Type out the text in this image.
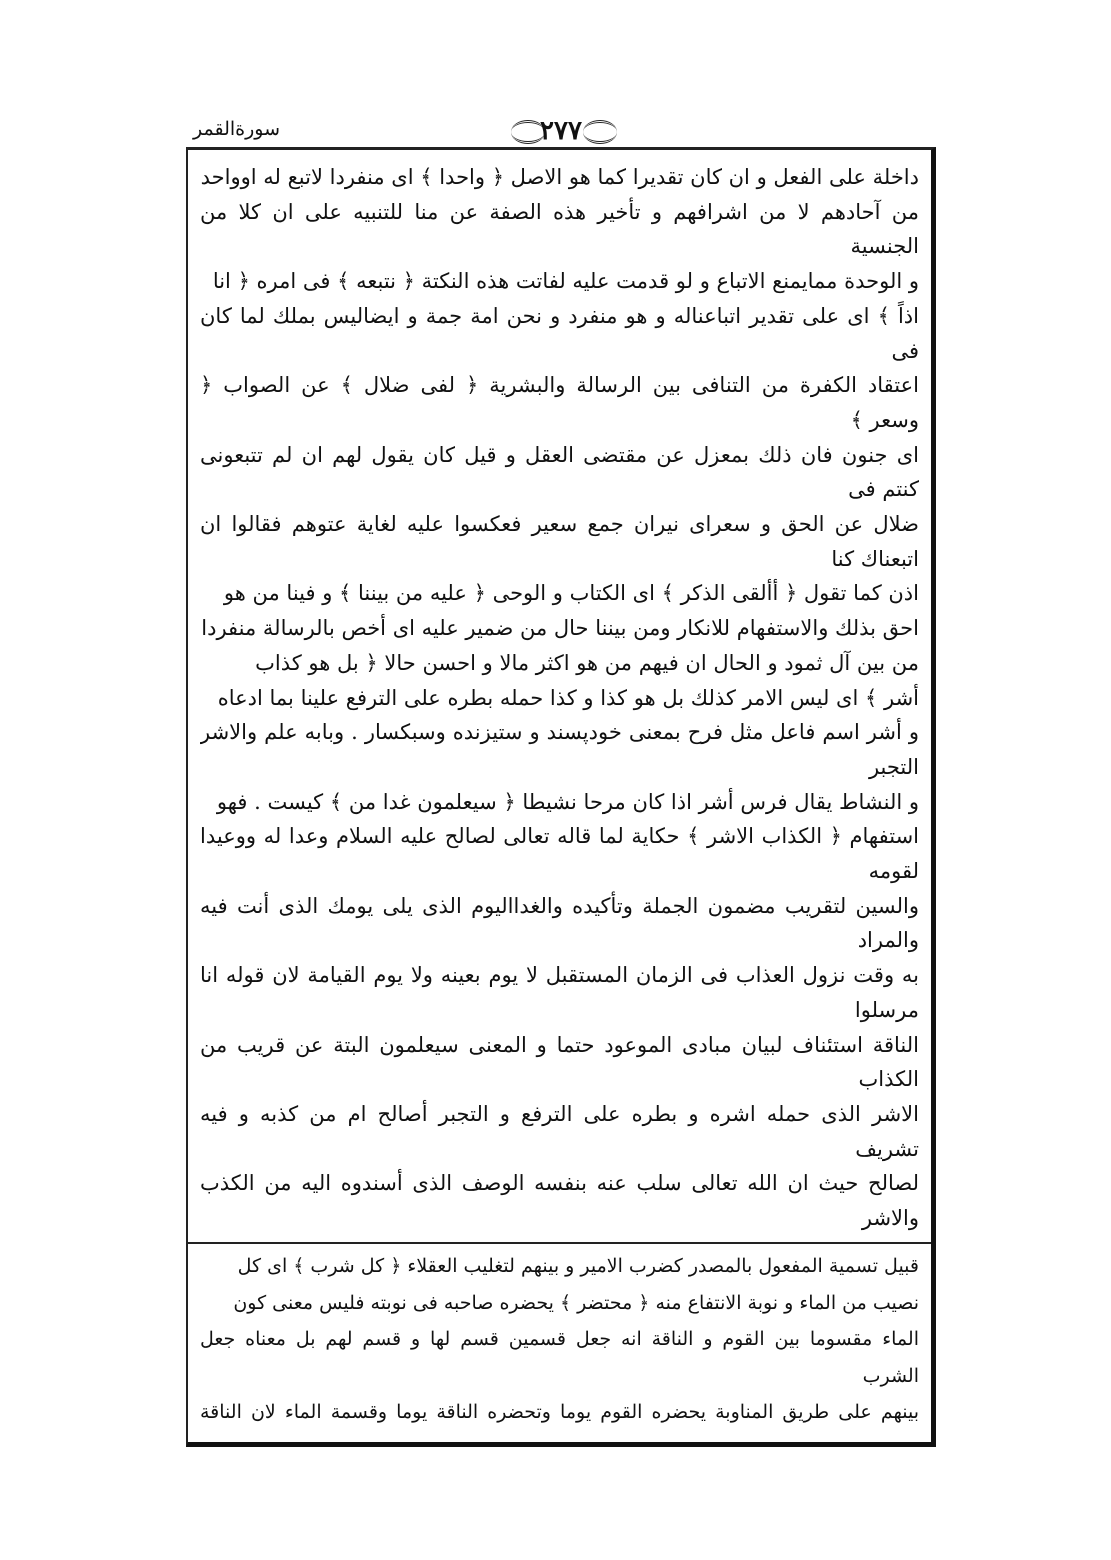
سورةالقمر	٢٧٧
داخلة على الفعل و ان كان تقديرا كما هو الاصل ﴿ واحدا ﴾ اى منفردا لاتبع له اوواحد
من آحادهم لا من اشرافهم و تأخير هذه الصفة عن منا للتنبيه على ان كلا من الجنسية
و الوحدة ممايمنع الاتباع و لو قدمت عليه لفاتت هذه النكتة ﴿ نتبعه ﴾ فى امره ﴿ انا
اذاً ﴾ اى على تقدير اتباعناله و هو منفرد و نحن امة جمة و ايضاليس بملك لما كان فى
اعتقاد الكفرة من التنافى بين الرسالة والبشرية ﴿ لفى ضلال ﴾ عن الصواب ﴿ وسعر ﴾
اى جنون فان ذلك بمعزل عن مقتضى العقل و قيل كان يقول لهم ان لم تتبعونى كنتم فى
ضلال عن الحق و سعراى نيران جمع سعير فعكسوا عليه لغاية عتوهم فقالوا ان اتبعناك كنا
اذن كما تقول ﴿ أألقى الذكر ﴾ اى الكتاب و الوحى ﴿ عليه من بيننا ﴾ و فينا من هو
احق بذلك والاستفهام للانكار ومن بيننا حال من ضمير عليه اى أخص بالرسالة منفردا
من بين آل ثمود و الحال ان فيهم من هو اكثر مالا و احسن حالا ﴿ بل هو كذاب
أشر ﴾ اى ليس الامر كذلك بل هو كذا و كذا حمله بطره على الترفع علينا بما ادعاه
و أشر اسم فاعل مثل فرح بمعنى خودپسند و ستيزنده وسبكسار . وبابه علم والاشر التجبر
و النشاط يقال فرس أشر اذا كان مرحا نشيطا ﴿ سيعلمون غدا من ﴾ كيست . فهو
استفهام ﴿ الكذاب الاشر ﴾ حكاية لما قاله تعالى لصالح عليه السلام وعدا له ووعيدا لقومه
والسين لتقريب مضمون الجملة وتأكيده والغدااليوم الذى يلى يومك الذى أنت فيه والمراد
به وقت نزول العذاب فى الزمان المستقبل لا يوم بعينه ولا يوم القيامة لان قوله انا مرسلوا
الناقة استئناف لبيان مبادى الموعود حتما و المعنى سيعلمون البتة عن قريب من الكذاب
الاشر الذى حمله اشره و بطره على الترفع و التجبر أصالح ام من كذبه و فيه تشريف
لصالح حيث ان الله تعالى سلب عنه بنفسه الوصف الذى أسندوه اليه من الكذب والاشر
قبيل تسمية المفعول بالمصدر كضرب الامير و بينهم لتغليب العقلاء ﴿ كل شرب ﴾ اى كل
نصيب من الماء و نوبة الانتفاع منه ﴿ محتضر ﴾ يحضره صاحبه فى نوبته فليس معنى كون
الماء مقسوما بين القوم و الناقة انه جعل قسمين قسم لها و قسم لهم بل معناه جعل الشرب
بينهم على طريق المناوبة يحضره القوم يوما وتحضره الناقة يوما وقسمة الماء لان الناقة
